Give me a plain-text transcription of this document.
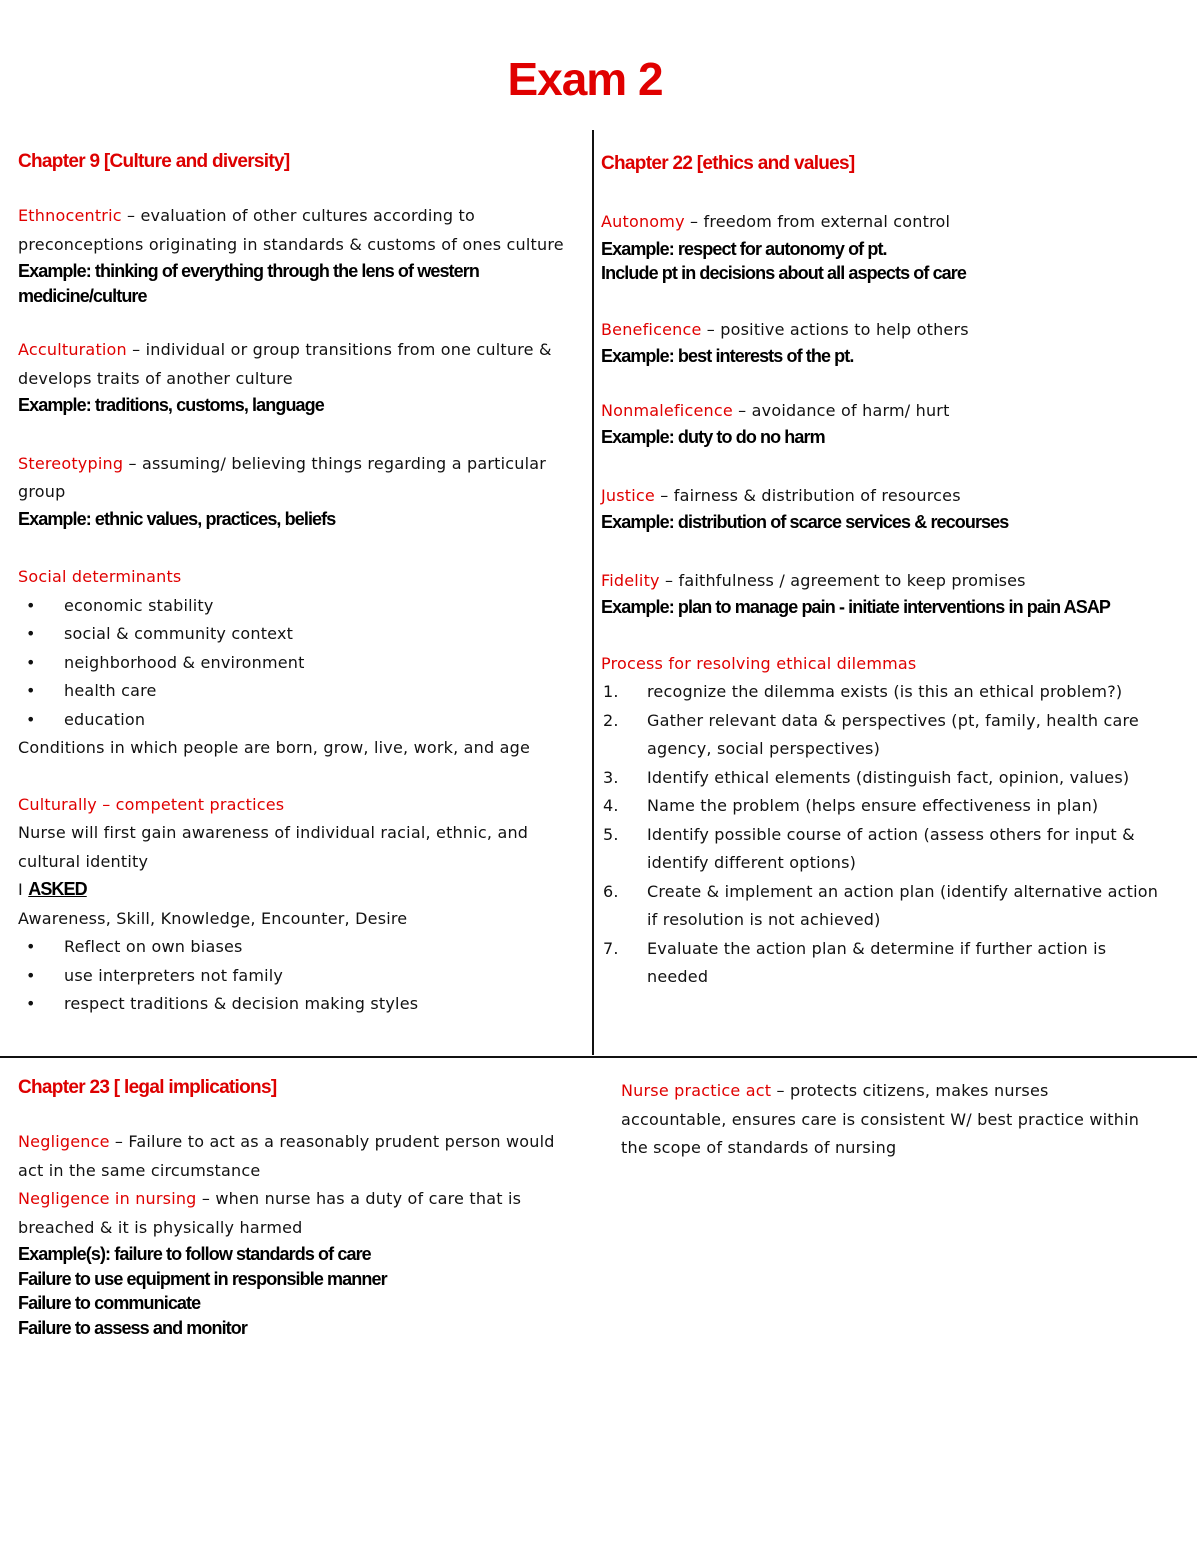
Exam 2
Chapter 9 [Culture and diversity]
Ethnocentric – evaluation of other cultures according to preconceptions originating in standards & customs of ones culture
Example: thinking of everything through the lens of western medicine/culture
Acculturation – individual or group transitions from one culture & develops traits of another culture
Example: traditions, customs, language
Stereotyping – assuming/ believing things regarding a particular group
Example: ethnic values, practices, beliefs
Social determinants
• economic stability
• social & community context
• neighborhood & environment
• health care
• education
Conditions in which people are born, grow, live, work, and age
Culturally – competent practices
Nurse will first gain awareness of individual racial, ethnic, and cultural identity
I ASKED
Awareness, Skill, Knowledge, Encounter, Desire
• Reflect on own biases
• use interpreters not family
• respect traditions & decision making styles
Chapter 22 [ethics and values]
Autonomy – freedom from external control
Example: respect for autonomy of pt.
Include pt in decisions about all aspects of care
Beneficence – positive actions to help others
Example: best interests of the pt.
Nonmaleficence – avoidance of harm/ hurt
Example: duty to do no harm
Justice – fairness & distribution of resources
Example: distribution of scarce services & recourses
Fidelity – faithfulness / agreement to keep promises
Example: plan to manage pain - initiate interventions in pain ASAP
Process for resolving ethical dilemmas
1. recognize the dilemma exists (is this an ethical problem?)
2. Gather relevant data & perspectives (pt, family, health care agency, social perspectives)
3. Identify ethical elements (distinguish fact, opinion, values)
4. Name the problem (helps ensure effectiveness in plan)
5. Identify possible course of action (assess others for input & identify different options)
6. Create & implement an action plan (identify alternative action if resolution is not achieved)
7. Evaluate the action plan & determine if further action is needed
Chapter 23 [ legal implications]
Negligence – Failure to act as a reasonably prudent person would act in the same circumstance
Negligence in nursing – when nurse has a duty of care that is breached & it is physically harmed
Example(s): failure to follow standards of care
Failure to use equipment in responsible manner
Failure to communicate
Failure to assess and monitor
Nurse practice act – protects citizens, makes nurses accountable, ensures care is consistent W/ best practice within the scope of standards of nursing
